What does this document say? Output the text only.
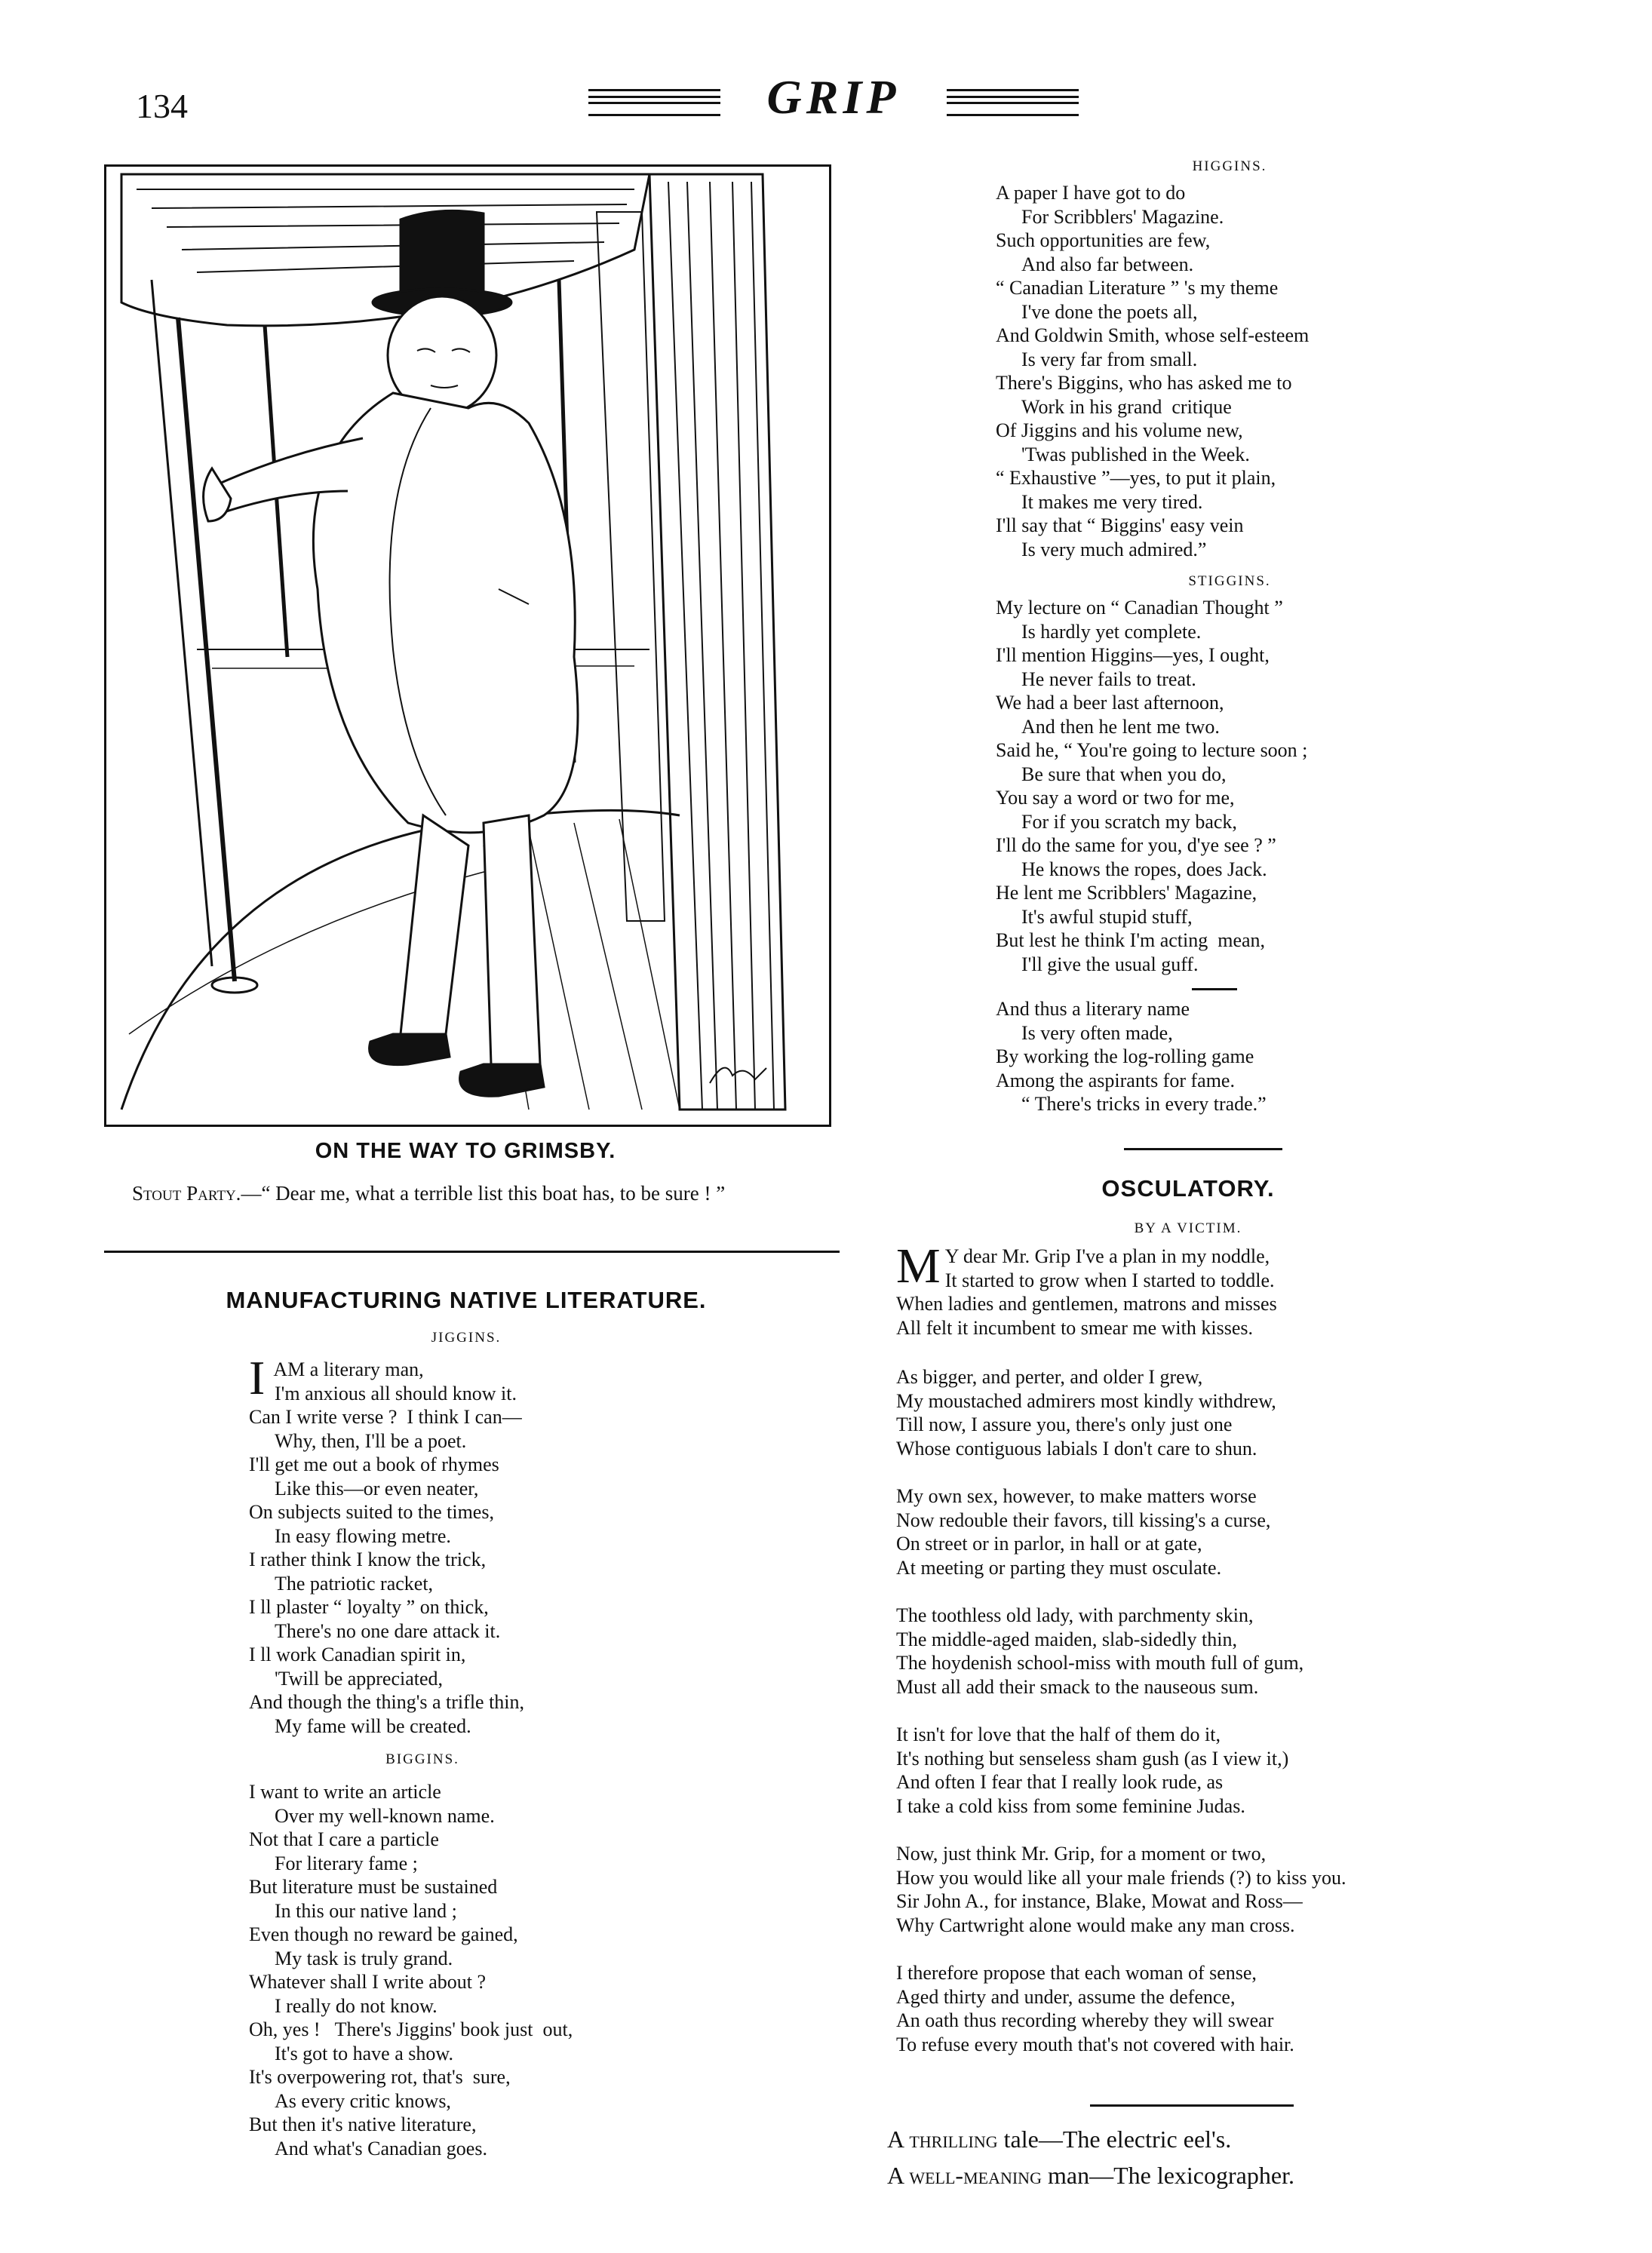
134	GRIP
ON THE WAY TO GRIMSBY.
Stout Party.—“ Dear me, what a terrible list this boat has, to be sure ! ”
MANUFACTURING NATIVE LITERATURE.
JIGGINS.
I AM a literary man,
I'm anxious all should know it.
Can I write verse ?  I think I can—
Why, then, I'll be a poet.
I'll get me out a book of rhymes
Like this—or even neater,
On subjects suited to the times,
In easy flowing metre.
I rather think I know the trick,
The patriotic racket,
I ll plaster “ loyalty ” on thick,
There's no one dare attack it.
I ll work Canadian spirit in,
'Twill be appreciated,
And though the thing's a trifle thin,
My fame will be created.
BIGGINS.
I want to write an article
Over my well-known name.
Not that I care a particle
For literary fame ;
But literature must be sustained
In this our native land ;
Even though no reward be gained,
My task is truly grand.
Whatever shall I write about ?
I really do not know.
Oh, yes !   There's Jiggins' book just  out,
It's got to have a show.
It's overpowering rot, that's  sure,
As every critic knows,
But then it's native literature,
And what's Canadian goes.
HIGGINS.
A paper I have got to do
For Scribblers' Magazine.
Such opportunities are few,
And also far between.
“ Canadian Literature ” 's my theme
I've done the poets all,
And Goldwin Smith, whose self-esteem
Is very far from small.
There's Biggins, who has asked me to
Work in his grand  critique
Of Jiggins and his volume new,
'Twas published in the Week.
“ Exhaustive ”—yes, to put it plain,
It makes me very tired.
I'll say that “ Biggins' easy vein
Is very much admired.”
STIGGINS.
My lecture on “ Canadian Thought ”
Is hardly yet complete.
I'll mention Higgins—yes, I ought,
He never fails to treat.
We had a beer last afternoon,
And then he lent me two.
Said he, “ You're going to lecture soon ;
Be sure that when you do,
You say a word or two for me,
For if you scratch my back,
I'll do the same for you, d'ye see ? ”
He knows the ropes, does Jack.
He lent me Scribblers' Magazine,
It's awful stupid stuff,
But lest he think I'm acting  mean,
I'll give the usual guff.
And thus a literary name
Is very often made,
By working the log-rolling game
Among the aspirants for fame.
“ There's tricks in every trade.”
OSCULATORY.
BY A VICTIM.
M Y dear Mr. Grip I've a plan in my noddle,
It started to grow when I started to toddle.
When ladies and gentlemen, matrons and misses
All felt it incumbent to smear me with kisses.
As bigger, and perter, and older I grew,
My moustached admirers most kindly withdrew,
Till now, I assure you, there's only just one
Whose contiguous labials I don't care to shun.
My own sex, however, to make matters worse
Now redouble their favors, till kissing's a curse,
On street or in parlor, in hall or at gate,
At meeting or parting they must osculate.
The toothless old lady, with parchmenty skin,
The middle-aged maiden, slab-sidedly thin,
The hoydenish school-miss with mouth full of gum,
Must all add their smack to the nauseous sum.
It isn't for love that the half of them do it,
It's nothing but senseless sham gush (as I view it,)
And often I fear that I really look rude, as
I take a cold kiss from some feminine Judas.
Now, just think Mr. Grip, for a moment or two,
How you would like all your male friends (?) to kiss you.
Sir John A., for instance, Blake, Mowat and Ross—
Why Cartwright alone would make any man cross.
I therefore propose that each woman of sense,
Aged thirty and under, assume the defence,
An oath thus recording whereby they will swear
To refuse every mouth that's not covered with hair.
A thrilling tale—The electric eel's.
A well-meaning man—The lexicographer.
